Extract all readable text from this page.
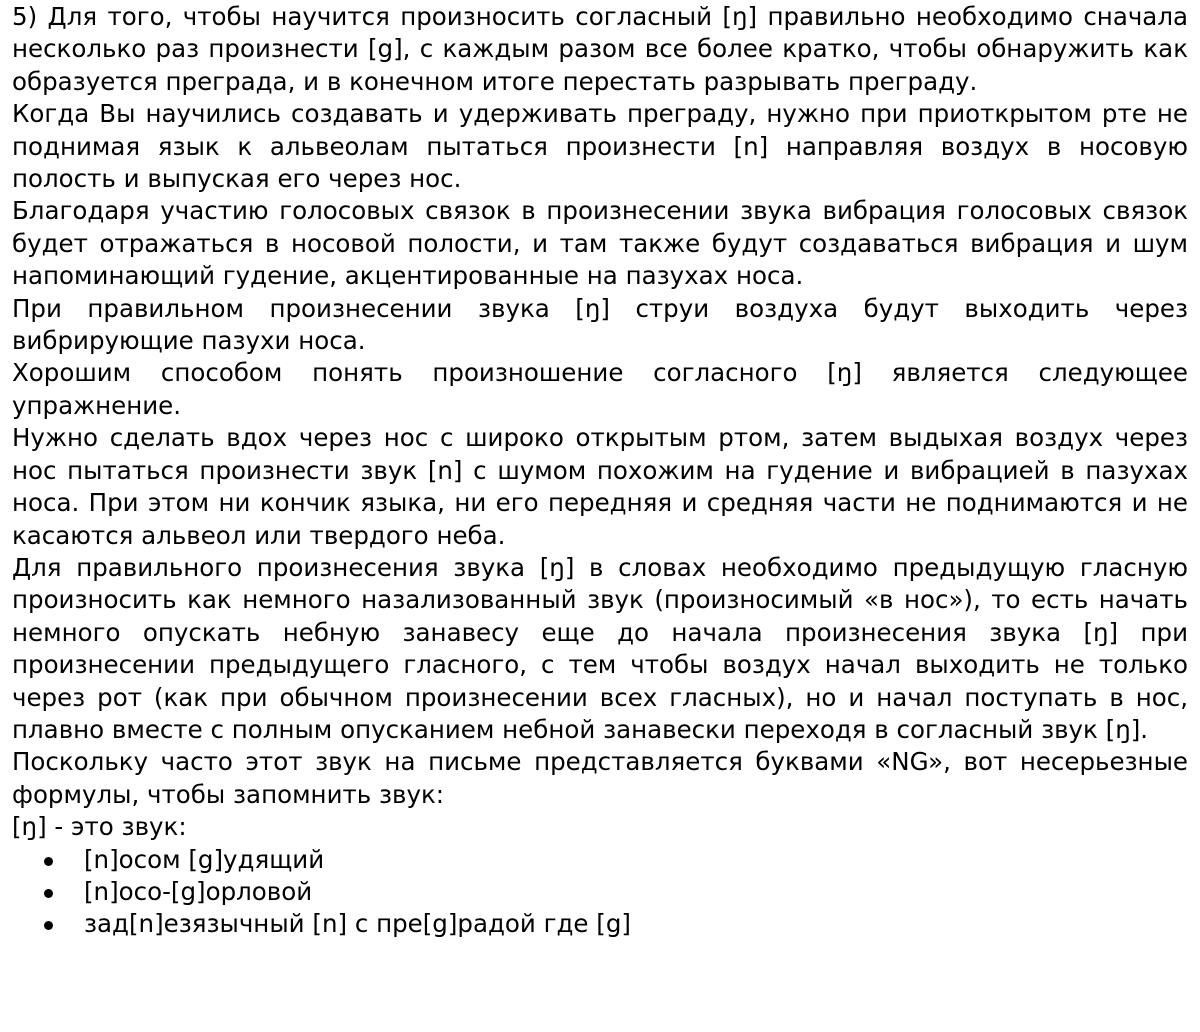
5) Для того, чтобы научится произносить согласный [ŋ] правильно необходимо сначала несколько раз произнести [g], с каждым разом все более кратко, чтобы обнаружить как образуется преграда, и в конечном итоге перестать разрывать преграду.

Когда Вы научились создавать и удерживать преграду, нужно при приоткрытом рте не поднимая язык к альвеолам пытаться произнести [n] направляя воздух в носовую полость и выпуская его через нос.

Благодаря участию голосовых связок в произнесении звука вибрация голосовых связок будет отражаться в носовой полости, и там также будут создаваться вибрация и шум напоминающий гудение, акцентированные на пазухах носа.

При правильном произнесении звука [ŋ] струи воздуха будут выходить через вибрирующие пазухи носа.

Хорошим способом понять произношение согласного [ŋ] является следующее упражнение.

Нужно сделать вдох через нос с широко открытым ртом, затем выдыхая воздух через нос пытаться произнести звук [n] с шумом похожим на гудение и вибрацией в пазухах носа. При этом ни кончик языка, ни его передняя и средняя части не поднимаются и не касаются альвеол или твердого неба.

Для правильного произнесения звука [ŋ] в словах необходимо предыдущую гласную произносить как немного назализованный звук (произносимый «в нос»), то есть начать немного опускать небную занавесу еще до начала произнесения звука [ŋ] при произнесении предыдущего гласного, с тем чтобы воздух начал выходить не только через рот (как при обычном произнесении всех гласных), но и начал поступать в нос, плавно вместе с полным опусканием небной занавески переходя в согласный звук [ŋ].

Поскольку часто этот звук на письме представляется буквами «NG», вот несерьезные формулы, чтобы запомнить звук:

[ŋ] - это звук:

[n]осом [g]удящий
[n]осо-[g]орловой
зад[n]езязычный [n] с пре[g]радой где [g]
